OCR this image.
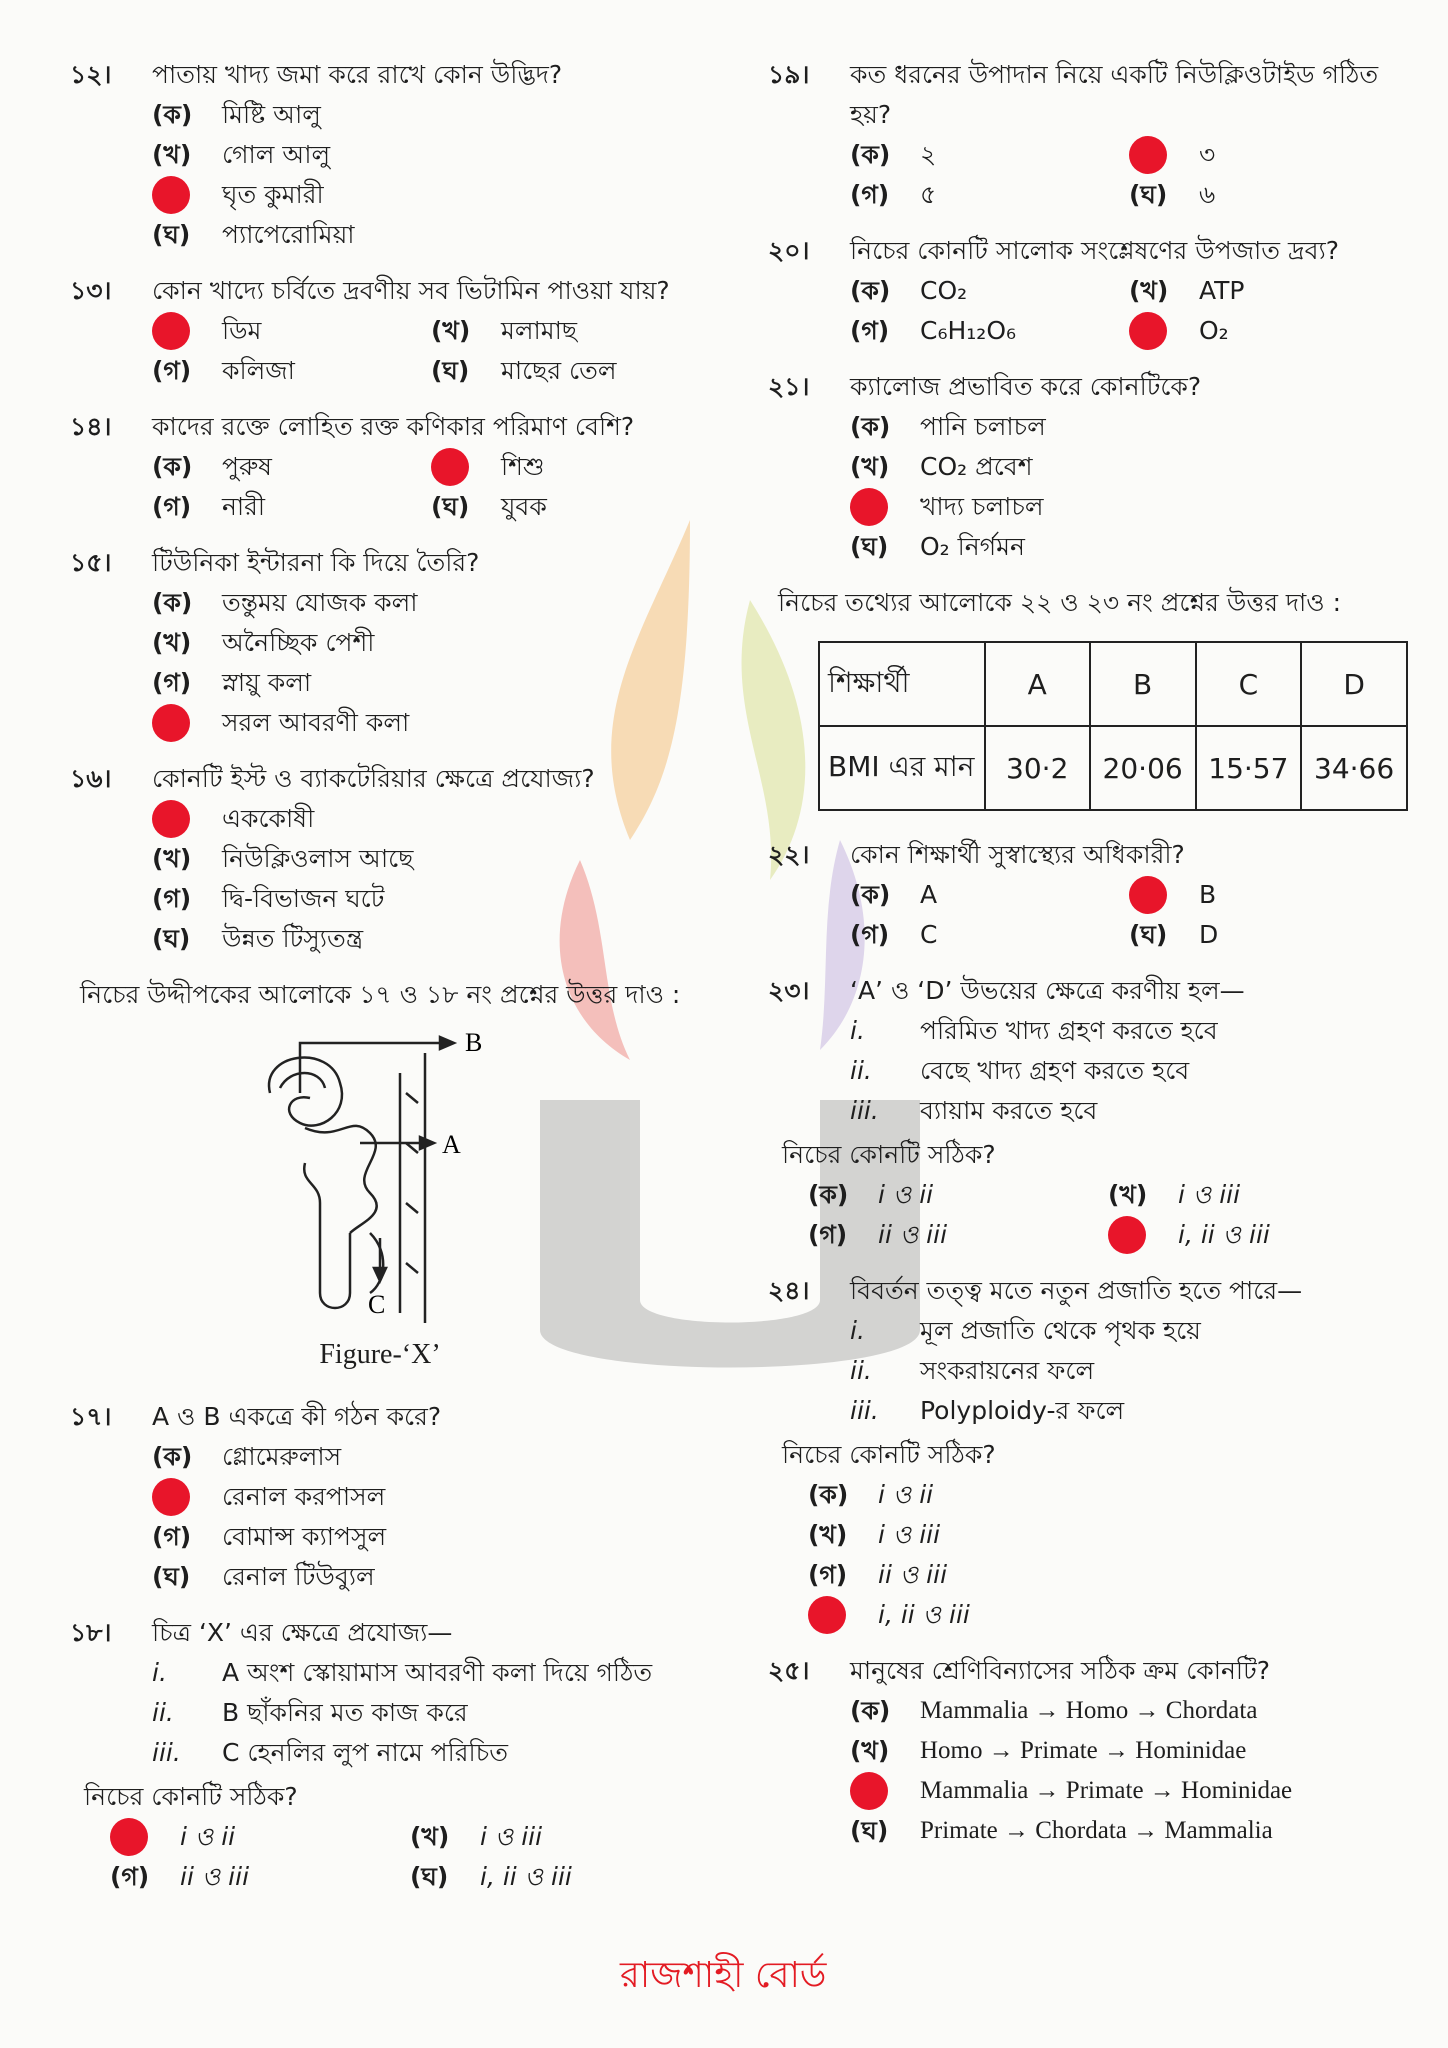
১২।	পাতায় খাদ্য জমা করে রাখে কোন উদ্ভিদ?
(ক)	মিষ্টি আলু
(খ)	গোল আলু
ঘৃত কুমারী
(ঘ)	প্যাপেরোমিয়া
১৩।	কোন খাদ্যে চর্বিতে দ্রবণীয় সব ভিটামিন পাওয়া যায়?
ডিম	(খ)	মলামাছ
(গ)	কলিজা	(ঘ)	মাছের তেল
১৪।	কাদের রক্তে লোহিত রক্ত কণিকার পরিমাণ বেশি?
(ক)	পুরুষ	শিশু
(গ)	নারী	(ঘ)	যুবক
১৫।	টিউনিকা ইন্টারনা কি দিয়ে তৈরি?
(ক)	তন্তুময় যোজক কলা
(খ)	অনৈচ্ছিক পেশী
(গ)	স্নায়ু কলা
সরল আবরণী কলা
১৬।	কোনটি ইস্ট ও ব্যাকটেরিয়ার ক্ষেত্রে প্রযোজ্য?
এককোষী
(খ)	নিউক্লিওলাস আছে
(গ)	দ্বি-বিভাজন ঘটে
(ঘ)	উন্নত টিস্যুতন্ত্র
নিচের উদ্দীপকের আলোকে ১৭ ও ১৮ নং প্রশ্নের উত্তর দাও :
B
A
C
Figure-‘X’
১৭।	A ও B একত্রে কী গঠন করে?
(ক)	গ্লোমেরুলাস
রেনাল করপাসল
(গ)	বোমান্স ক্যাপসুল
(ঘ)	রেনাল টিউব্যুল
১৮।	চিত্র ‘X’ এর ক্ষেত্রে প্রযোজ্য—
i.	A অংশ স্কোয়ামাস আবরণী কলা দিয়ে গঠিত
ii.	B ছাঁকনির মত কাজ করে
iii.	C হেনলির লুপ নামে পরিচিত
নিচের কোনটি সঠিক?
i ও ii	(খ)	i ও iii
(গ)	ii ও iii	(ঘ)	i, ii ও iii
১৯।	কত ধরনের উপাদান নিয়ে একটি নিউক্লিওটাইড গঠিত হয়?
(ক)	২	৩
(গ)	৫	(ঘ)	৬
২০।	নিচের কোনটি সালোক সংশ্লেষণের উপজাত দ্রব্য?
(ক)	CO₂	(খ)	ATP
(গ)	C₆H₁₂O₆	O₂
২১।	ক্যালোজ প্রভাবিত করে কোনটিকে?
(ক)	পানি চলাচল
(খ)	CO₂ প্রবেশ
খাদ্য চলাচল
(ঘ)	O₂ নির্গমন
নিচের তথ্যের আলোকে ২২ ও ২৩ নং প্রশ্নের উত্তর দাও :
শিক্ষার্থী	A	B	C	D
BMI এর মান	30·2	20·06	15·57	34·66
২২।	কোন শিক্ষার্থী সুস্বাস্থ্যের অধিকারী?
(ক)	A	B
(গ)	C	(ঘ)	D
২৩।	‘A’ ও ‘D’ উভয়ের ক্ষেত্রে করণীয় হল—
i.	পরিমিত খাদ্য গ্রহণ করতে হবে
ii.	বেছে খাদ্য গ্রহণ করতে হবে
iii.	ব্যায়াম করতে হবে
নিচের কোনটি সঠিক?
(ক)	i ও ii	(খ)	i ও iii
(গ)	ii ও iii	i, ii ও iii
২৪।	বিবর্তন তত্ত্ব মতে নতুন প্রজাতি হতে পারে—
i.	মূল প্রজাতি থেকে পৃথক হয়ে
ii.	সংকরায়নের ফলে
iii.	Polyploidy-র ফলে
নিচের কোনটি সঠিক?
(ক)	i ও ii
(খ)	i ও iii
(গ)	ii ও iii
i, ii ও iii
২৫।	মানুষের শ্রেণিবিন্যাসের সঠিক ক্রম কোনটি?
(ক)	Mammalia → Homo → Chordata
(খ)	Homo → Primate → Hominidae
Mammalia → Primate → Hominidae
(ঘ)	Primate → Chordata → Mammalia
রাজশাহী বোর্ড
